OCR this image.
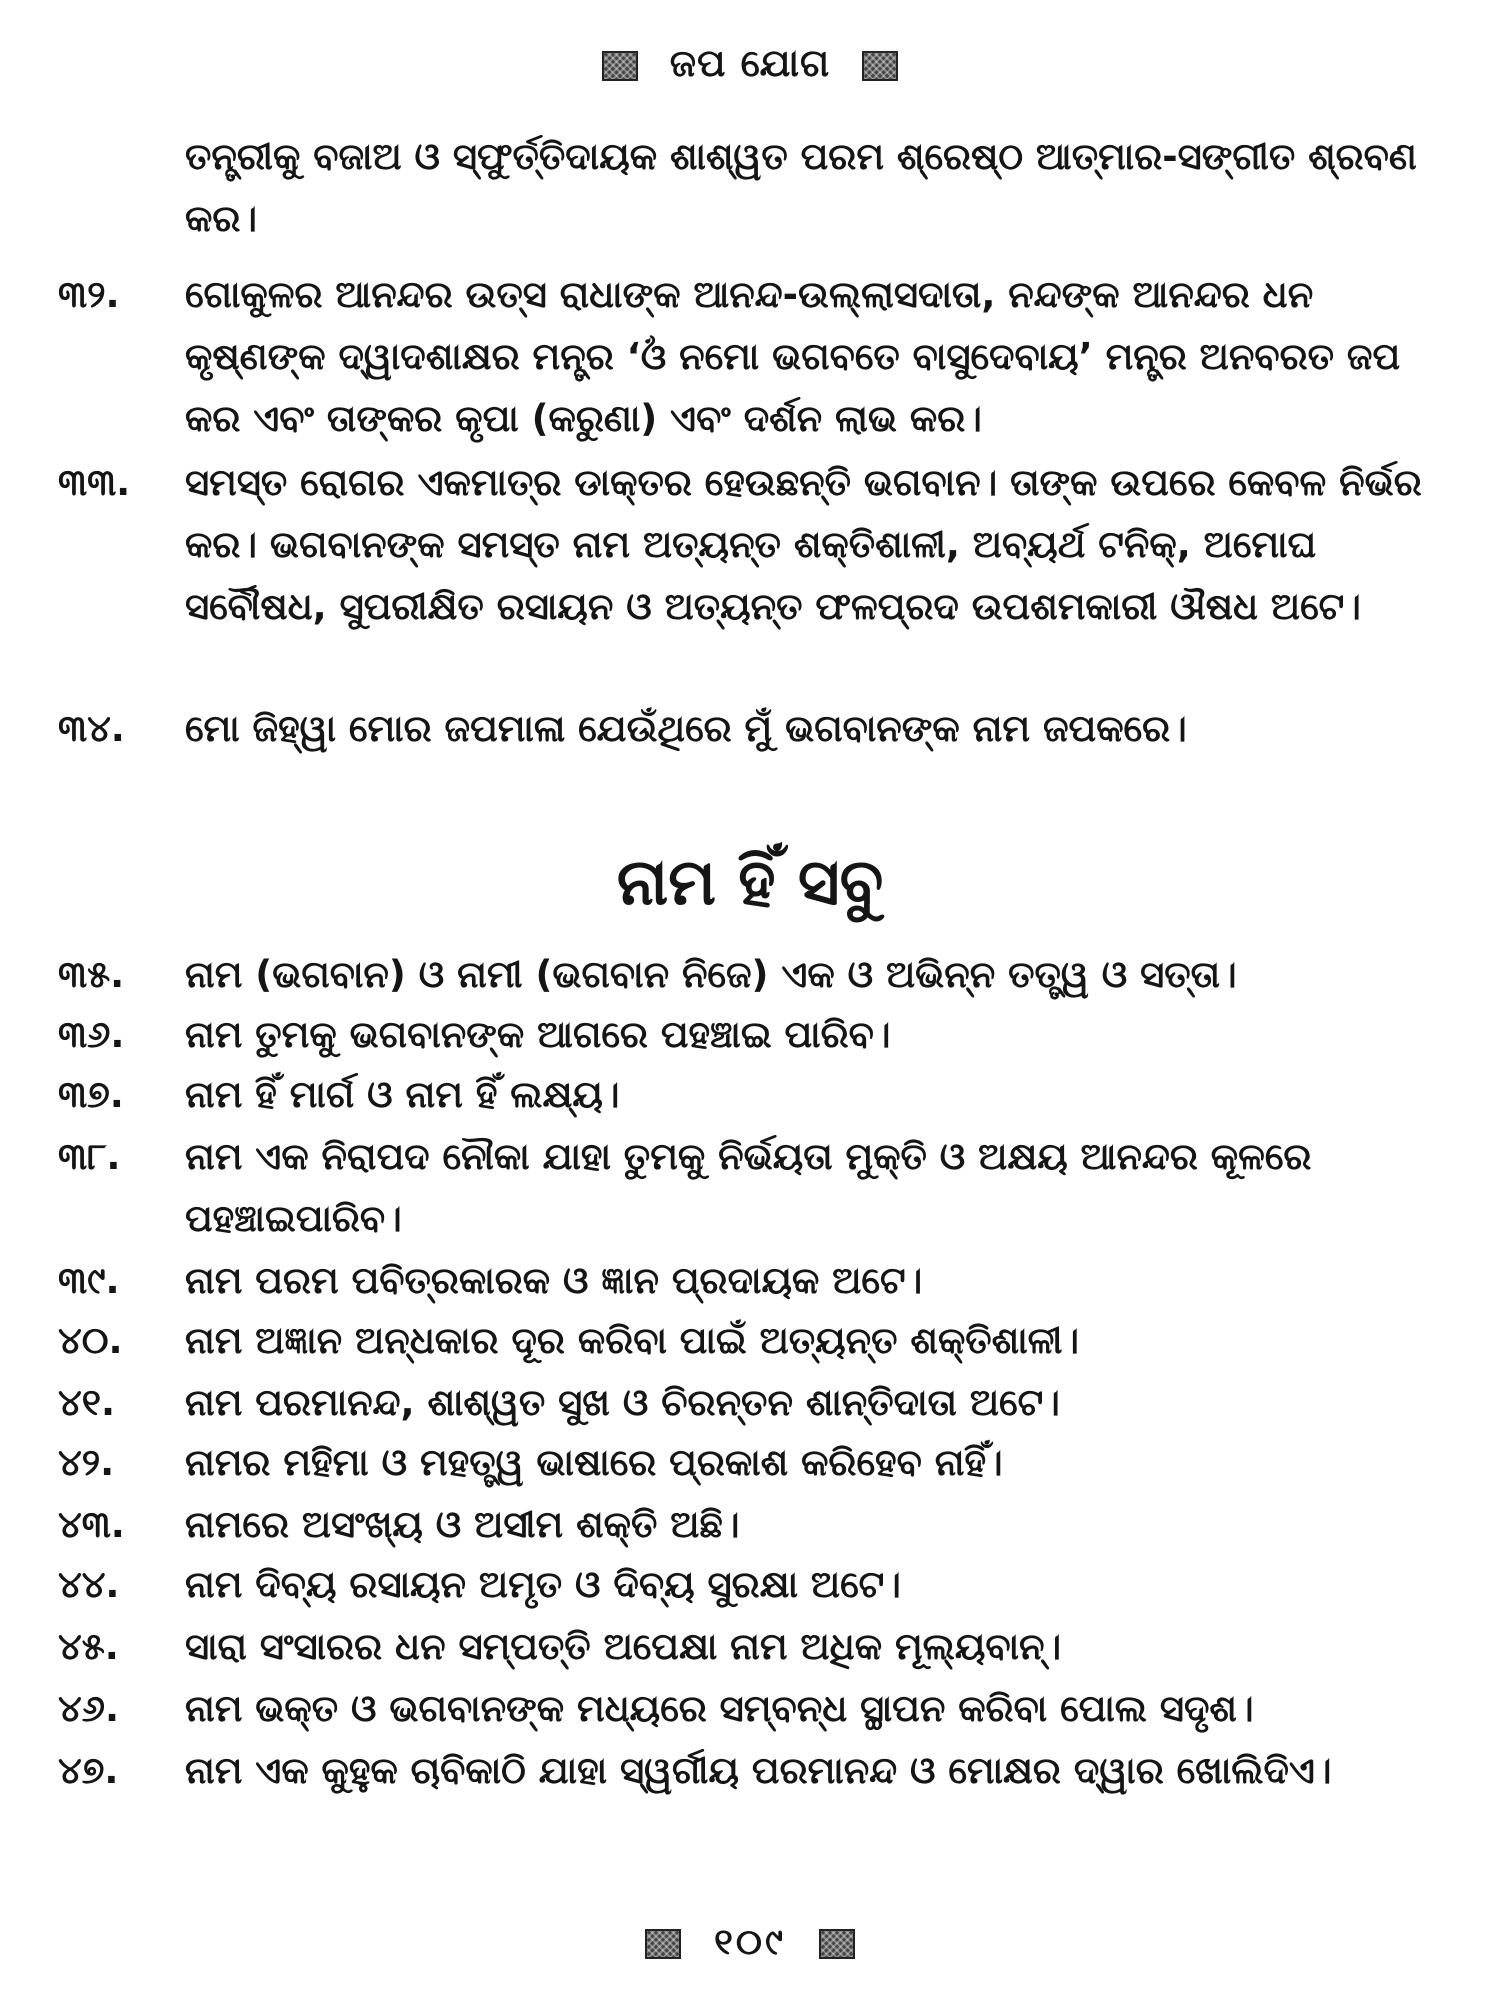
ଜପ ଯୋଗ
ତନ୍ତ୍ରୀକୁ ବଜାଅ ଓ ସ୍ଫୁର୍ତ୍ତିଦାୟକ ଶାଶ୍ୱତ ପରମ ଶ୍ରେଷ୍ଠ ଆତ୍ମାର-ସଙ୍ଗୀତ ଶ୍ରବଣ କର।
୩୨.	ଗୋକୁଳର ଆନନ୍ଦର ଉତ୍ସ ରାଧାଙ୍କ ଆନନ୍ଦ-ଉଲ୍ଲାସଦାତା, ନନ୍ଦଙ୍କ ଆନନ୍ଦର ଧନ କୃଷ୍ଣଙ୍କ ଦ୍ୱାଦଶାକ୍ଷର ମନ୍ତ୍ର ‘ଓଁ ନମୋ ଭଗବତେ ବାସୁଦେବାୟ’ ମନ୍ତ୍ର ଅନବରତ ଜପ କର ଏବଂ ତାଙ୍କର କୃପା (କରୁଣା) ଏବଂ ଦର୍ଶନ ଲାଭ କର।
୩୩.	ସମସ୍ତ ରୋଗର ଏକମାତ୍ର ଡାକ୍ତର ହେଉଛନ୍ତି ଭଗବାନ। ତାଙ୍କ ଉପରେ କେବଳ ନିର୍ଭର କର। ଭଗବାନଙ୍କ ସମସ୍ତ ନାମ ଅତ୍ୟନ୍ତ ଶକ୍ତିଶାଳୀ, ଅବ୍ୟର୍ଥ ଟନିକ୍, ଅମୋଘ ସର୍ବୌଷଧ, ସୁପରୀକ୍ଷିତ ରସାୟନ ଓ ଅତ୍ୟନ୍ତ ଫଳପ୍ରଦ ଉପଶମକାରୀ ଔଷଧ ଅଟେ।
୩୪.	ମୋ ଜିହ୍ୱା ମୋର ଜପମାଳା ଯେଉଁଥିରେ ମୁଁ ଭଗବାନଙ୍କ ନାମ ଜପକରେ।
ନାମ ହିଁ ସବୁ
୩୫.	ନାମ (ଭଗବାନ) ଓ ନାମୀ (ଭଗବାନ ନିଜେ) ଏକ ଓ ଅଭିନ୍ନ ତତ୍ତ୍ୱ ଓ ସତ୍ତା।
୩୬.	ନାମ ତୁମକୁ ଭଗବାନଙ୍କ ଆଗରେ ପହଞ୍ଚାଇ ପାରିବ।
୩୭.	ନାମ ହିଁ ମାର୍ଗ ଓ ନାମ ହିଁ ଲକ୍ଷ୍ୟ।
୩୮.	ନାମ ଏକ ନିରାପଦ ନୌକା ଯାହା ତୁମକୁ ନିର୍ଭୟତା ମୁକ୍ତି ଓ ଅକ୍ଷୟ ଆନନ୍ଦର କୂଳରେ ପହଞ୍ଚାଇପାରିବ।
୩୯.	ନାମ ପରମ ପବିତ୍ରକାରକ ଓ ଜ୍ଞାନ ପ୍ରଦାୟକ ଅଟେ।
୪୦.	ନାମ ଅଜ୍ଞାନ ଅନ୍ଧକାର ଦୂର କରିବା ପାଇଁ ଅତ୍ୟନ୍ତ ଶକ୍ତିଶାଳୀ।
୪୧.	ନାମ ପରମାନନ୍ଦ, ଶାଶ୍ୱତ ସୁଖ ଓ ଚିରନ୍ତନ ଶାନ୍ତିଦାତା ଅଟେ।
୪୨.	ନାମର ମହିମା ଓ ମହତ୍ତ୍ୱ ଭାଷାରେ ପ୍ରକାଶ କରିହେବ ନାହିଁ।
୪୩.	ନାମରେ ଅସଂଖ୍ୟ ଓ ଅସୀମ ଶକ୍ତି ଅଛି।
୪୪.	ନାମ ଦିବ୍ୟ ରସାୟନ ଅମୃତ ଓ ଦିବ୍ୟ ସୁରକ୍ଷା ଅଟେ।
୪୫.	ସାରା ସଂସାରର ଧନ ସମ୍ପତ୍ତି ଅପେକ୍ଷା ନାମ ଅଧିକ ମୂଲ୍ୟବାନ୍।
୪୬.	ନାମ ଭକ୍ତ ଓ ଭଗବାନଙ୍କ ମଧ୍ୟରେ ସମ୍ବନ୍ଧ ସ୍ଥାପନ କରିବା ପୋଲ ସଦୃଶ।
୪୭.	ନାମ ଏକ କୁହୁକ ଚାବିକାଠି ଯାହା ସ୍ୱର୍ଗୀୟ ପରମାନନ୍ଦ ଓ ମୋକ୍ଷର ଦ୍ୱାର ଖୋଲିଦିଏ।
୧୦୯
